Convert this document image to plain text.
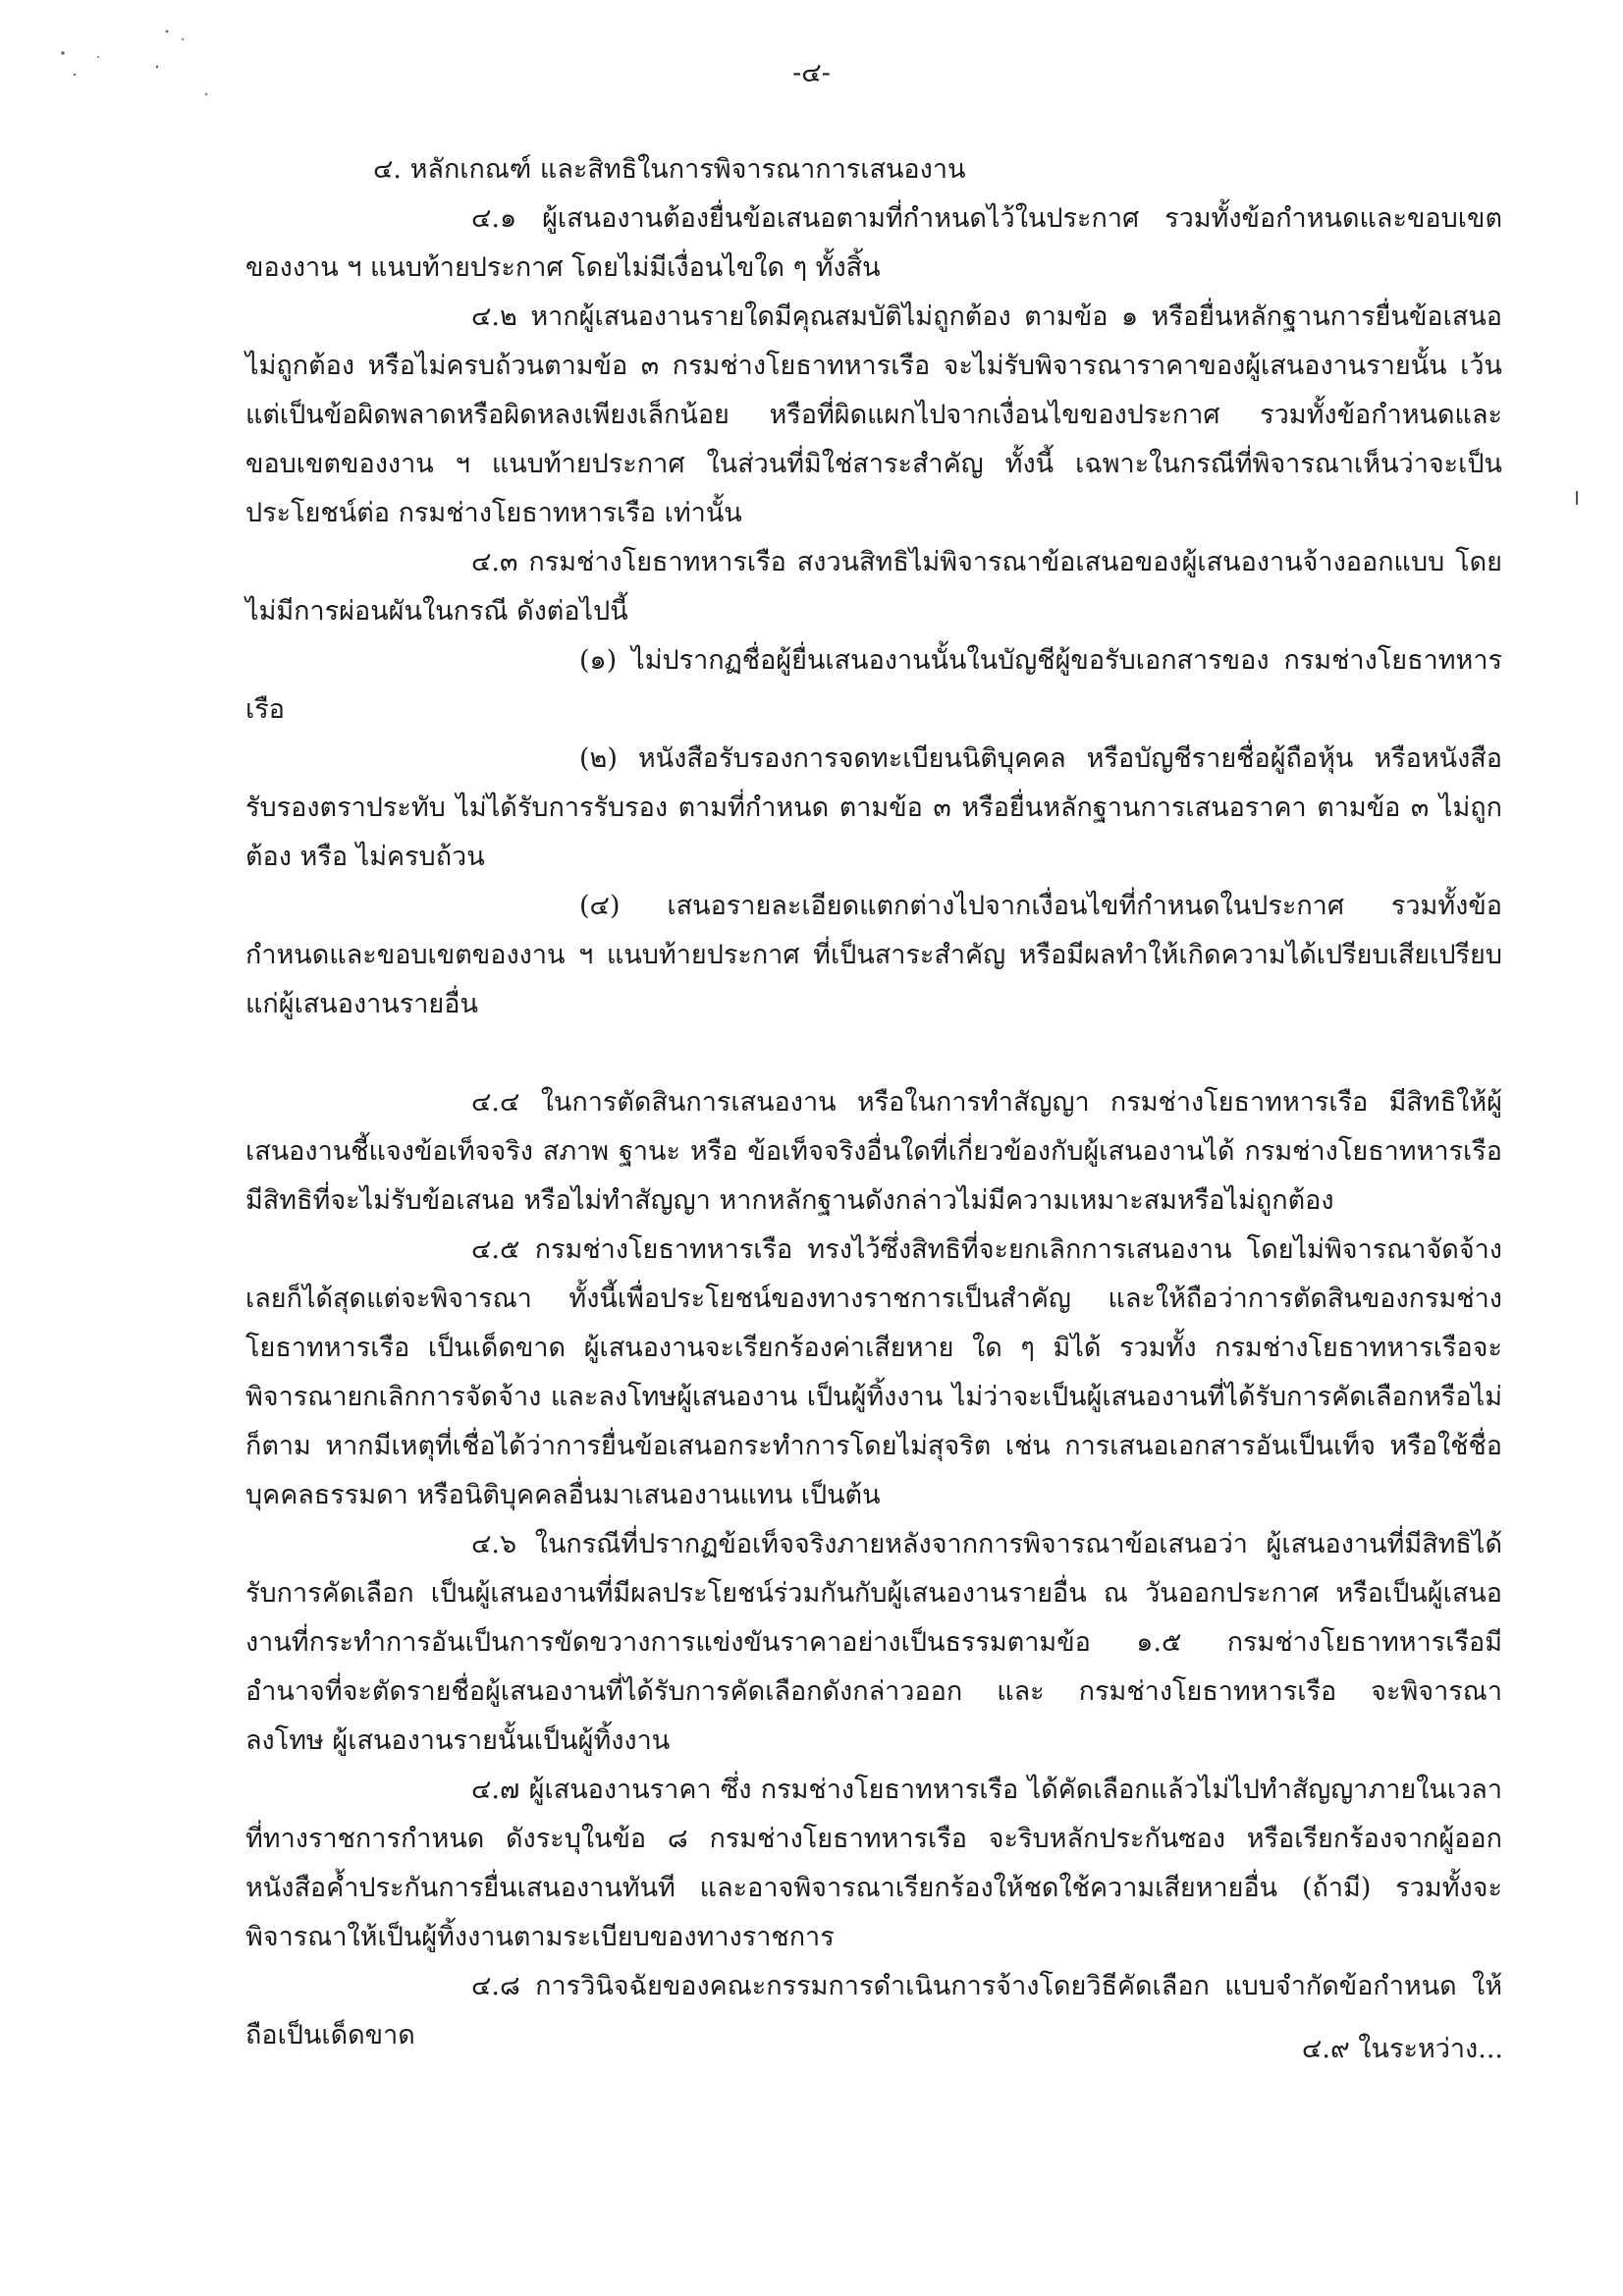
-๔-

๔. หลักเกณฑ์ และสิทธิในการพิจารณาการเสนองาน

๔.๑ ผู้เสนองานต้องยื่นข้อเสนอตามที่กำหนดไว้ในประกาศ รวมทั้งข้อกำหนดและขอบเขตของงาน ฯ แนบท้ายประกาศ โดยไม่มีเงื่อนไขใด ๆ ทั้งสิ้น

๔.๒ หากผู้เสนองานรายใดมีคุณสมบัติไม่ถูกต้อง ตามข้อ ๑ หรือยื่นหลักฐานการยื่นข้อเสนอ ไม่ถูกต้อง หรือไม่ครบถ้วนตามข้อ ๓ กรมช่างโยธาทหารเรือ จะไม่รับพิจารณาราคาของผู้เสนองานรายนั้น เว้นแต่เป็นข้อผิดพลาดหรือผิดหลงเพียงเล็กน้อย หรือที่ผิดแผกไปจากเงื่อนไขของประกาศ รวมทั้งข้อกำหนดและขอบเขตของงาน ฯ แนบท้ายประกาศ ในส่วนที่มิใช่สาระสำคัญ ทั้งนี้ เฉพาะในกรณีที่พิจารณาเห็นว่าจะเป็นประโยชน์ต่อ กรมช่างโยธาทหารเรือ เท่านั้น

๔.๓ กรมช่างโยธาทหารเรือ สงวนสิทธิไม่พิจารณาข้อเสนอของผู้เสนองานจ้างออกแบบ โดยไม่มีการผ่อนผันในกรณี ดังต่อไปนี้

(๑) ไม่ปรากฏชื่อผู้ยื่นเสนองานนั้นในบัญชีผู้ขอรับเอกสารของ กรมช่างโยธาทหารเรือ

(๒) หนังสือรับรองการจดทะเบียนนิติบุคคล หรือบัญชีรายชื่อผู้ถือหุ้น หรือหนังสือรับรองตราประทับ ไม่ได้รับการรับรอง ตามที่กำหนด ตามข้อ ๓ หรือยื่นหลักฐานการเสนอราคา ตามข้อ ๓ ไม่ถูกต้อง หรือ ไม่ครบถ้วน

(๔) เสนอรายละเอียดแตกต่างไปจากเงื่อนไขที่กำหนดในประกาศ รวมทั้งข้อกำหนดและขอบเขตของงาน ฯ แนบท้ายประกาศ ที่เป็นสาระสำคัญ หรือมีผลทำให้เกิดความได้เปรียบเสียเปรียบแก่ผู้เสนองานรายอื่น

๔.๔ ในการตัดสินการเสนองาน หรือในการทำสัญญา กรมช่างโยธาทหารเรือ มีสิทธิให้ผู้เสนองานชี้แจงข้อเท็จจริง สภาพ ฐานะ หรือ ข้อเท็จจริงอื่นใดที่เกี่ยวข้องกับผู้เสนองานได้ กรมช่างโยธาทหารเรือ มีสิทธิที่จะไม่รับข้อเสนอ หรือไม่ทำสัญญา หากหลักฐานดังกล่าวไม่มีความเหมาะสมหรือไม่ถูกต้อง

๔.๕ กรมช่างโยธาทหารเรือ ทรงไว้ซึ่งสิทธิที่จะยกเลิกการเสนองาน โดยไม่พิจารณาจัดจ้างเลยก็ได้สุดแต่จะพิจารณา ทั้งนี้เพื่อประโยชน์ของทางราชการเป็นสำคัญ และให้ถือว่าการตัดสินของกรมช่างโยธาทหารเรือ เป็นเด็ดขาด ผู้เสนองานจะเรียกร้องค่าเสียหาย ใด ๆ มิได้ รวมทั้ง กรมช่างโยธาทหารเรือจะพิจารณายกเลิกการจัดจ้าง และลงโทษผู้เสนองาน เป็นผู้ทิ้งงาน ไม่ว่าจะเป็นผู้เสนองานที่ได้รับการคัดเลือกหรือไม่ก็ตาม หากมีเหตุที่เชื่อได้ว่าการยื่นข้อเสนอกระทำการโดยไม่สุจริต เช่น การเสนอเอกสารอันเป็นเท็จ หรือใช้ชื่อบุคคลธรรมดา หรือนิติบุคคลอื่นมาเสนองานแทน เป็นต้น

๔.๖ ในกรณีที่ปรากฏข้อเท็จจริงภายหลังจากการพิจารณาข้อเสนอว่า ผู้เสนองานที่มีสิทธิได้รับการคัดเลือก เป็นผู้เสนองานที่มีผลประโยชน์ร่วมกันกับผู้เสนองานรายอื่น ณ วันออกประกาศ หรือเป็นผู้เสนองานที่กระทำการอันเป็นการขัดขวางการแข่งขันราคาอย่างเป็นธรรมตามข้อ ๑.๕ กรมช่างโยธาทหารเรือมีอำนาจที่จะตัดรายชื่อผู้เสนองานที่ได้รับการคัดเลือกดังกล่าวออก และ กรมช่างโยธาทหารเรือ จะพิจารณาลงโทษ ผู้เสนองานรายนั้นเป็นผู้ทิ้งงาน

๔.๗ ผู้เสนองานราคา ซึ่ง กรมช่างโยธาทหารเรือ ได้คัดเลือกแล้วไม่ไปทำสัญญาภายในเวลาที่ทางราชการกำหนด ดังระบุในข้อ ๘ กรมช่างโยธาทหารเรือ จะริบหลักประกันซอง หรือเรียกร้องจากผู้ออกหนังสือค้ำประกันการยื่นเสนองานทันที และอาจพิจารณาเรียกร้องให้ชดใช้ความเสียหายอื่น (ถ้ามี) รวมทั้งจะพิจารณาให้เป็นผู้ทิ้งงานตามระเบียบของทางราชการ

๔.๘ การวินิจฉัยของคณะกรรมการดำเนินการจ้างโดยวิธีคัดเลือก แบบจำกัดข้อกำหนด ให้ถือเป็นเด็ดขาด	๔.๙ ในระหว่าง...
